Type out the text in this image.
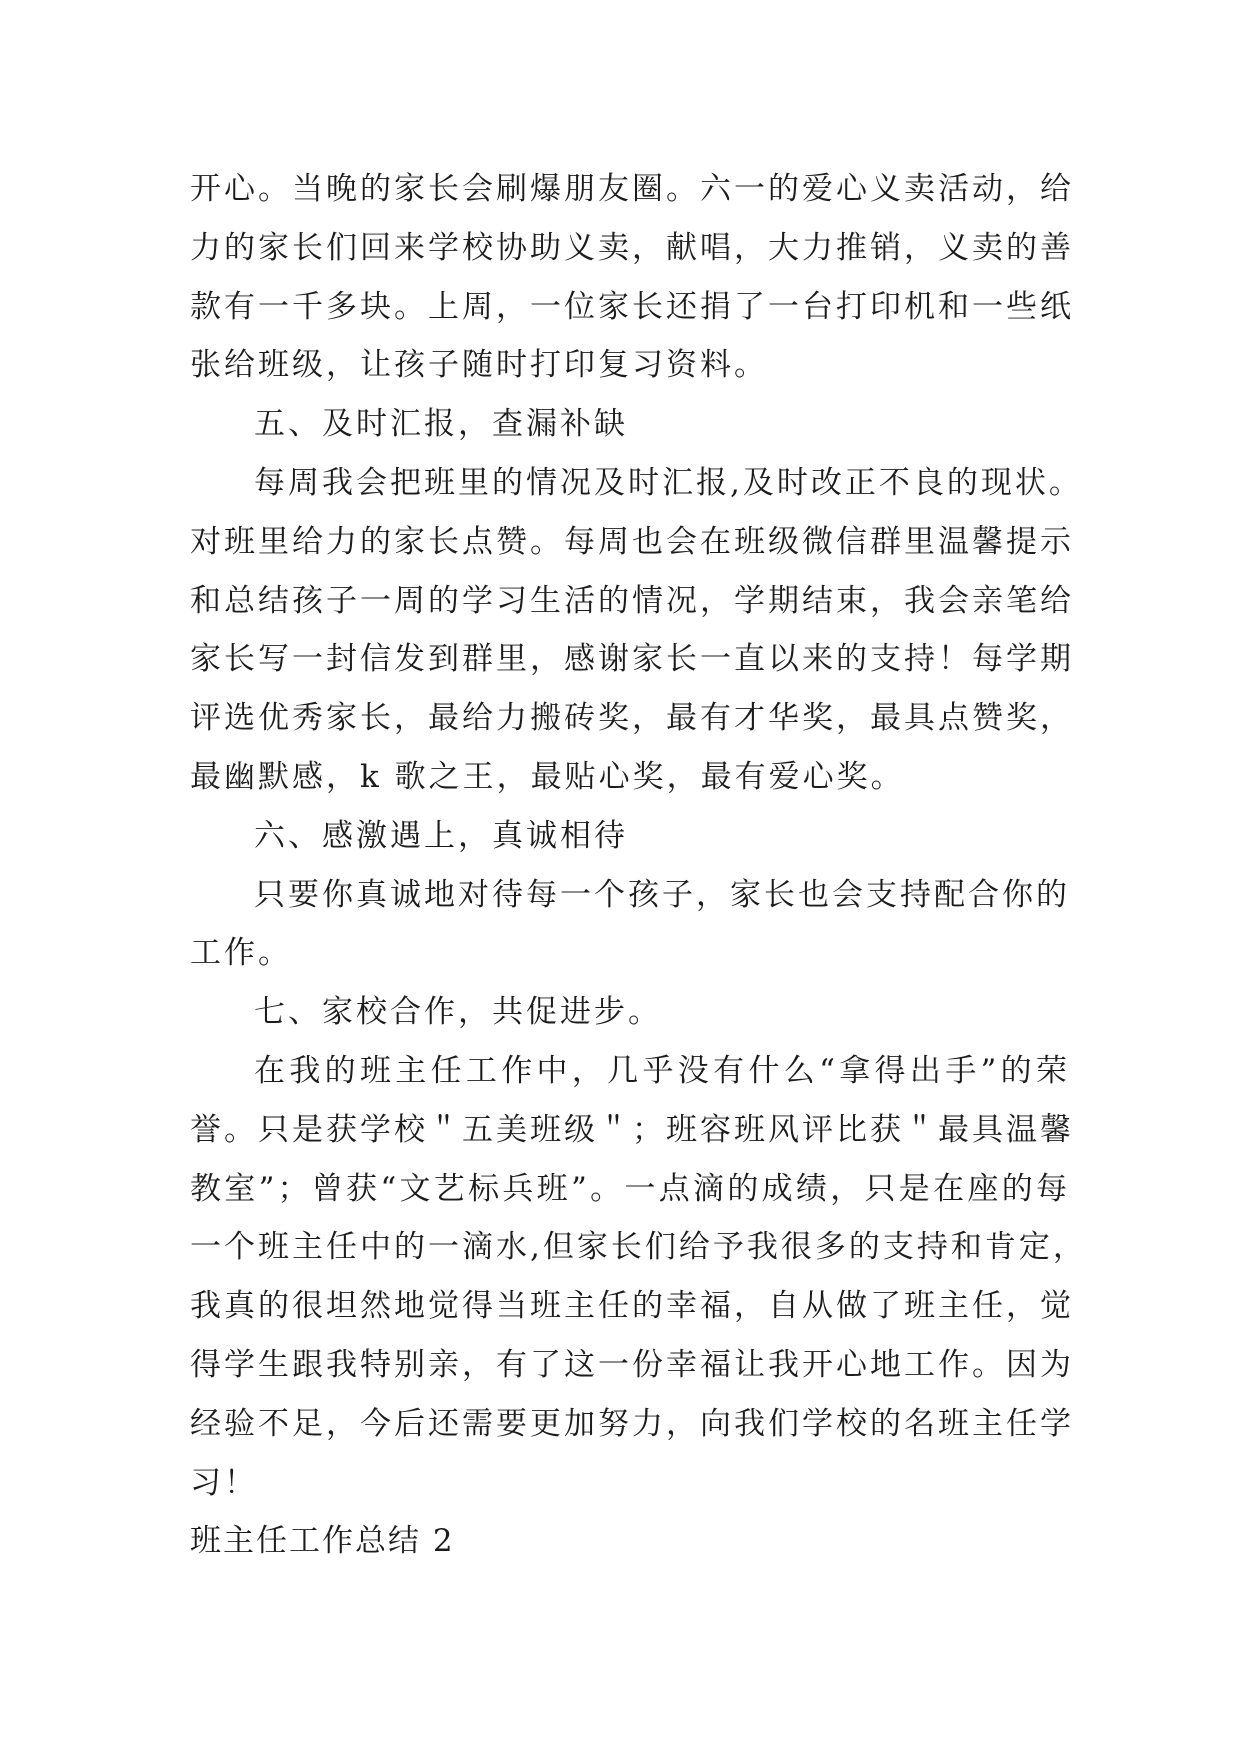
开心。当晚的家长会刷爆朋友圈。六一的爱心义卖活动，给
力的家长们回来学校协助义卖，献唱，大力推销，义卖的善
款有一千多块。上周，一位家长还捐了一台打印机和一些纸
张给班级，让孩子随时打印复习资料。
五、及时汇报，查漏补缺
每周我会把班里的情况及时汇报,及时改正不良的现状。
对班里给力的家长点赞。每周也会在班级微信群里温馨提示
和总结孩子一周的学习生活的情况，学期结束，我会亲笔给
家长写一封信发到群里，感谢家长一直以来的支持！每学期
评选优秀家长，最给力搬砖奖，最有才华奖，最具点赞奖，
最幽默感，k 歌之王，最贴心奖，最有爱心奖。
六、感激遇上，真诚相待
只要你真诚地对待每一个孩子，家长也会支持配合你的
工作。
七、家校合作，共促进步。
在我的班主任工作中，几乎没有什么“拿得出手”的荣
誉。只是获学校＂五美班级＂；班容班风评比获＂最具温馨
教室”；曾获“文艺标兵班”。一点滴的成绩，只是在座的每
一个班主任中的一滴水,但家长们给予我很多的支持和肯定，
我真的很坦然地觉得当班主任的幸福，自从做了班主任，觉
得学生跟我特别亲，有了这一份幸福让我开心地工作。因为
经验不足，今后还需要更加努力，向我们学校的名班主任学
习！
班主任工作总结 2
